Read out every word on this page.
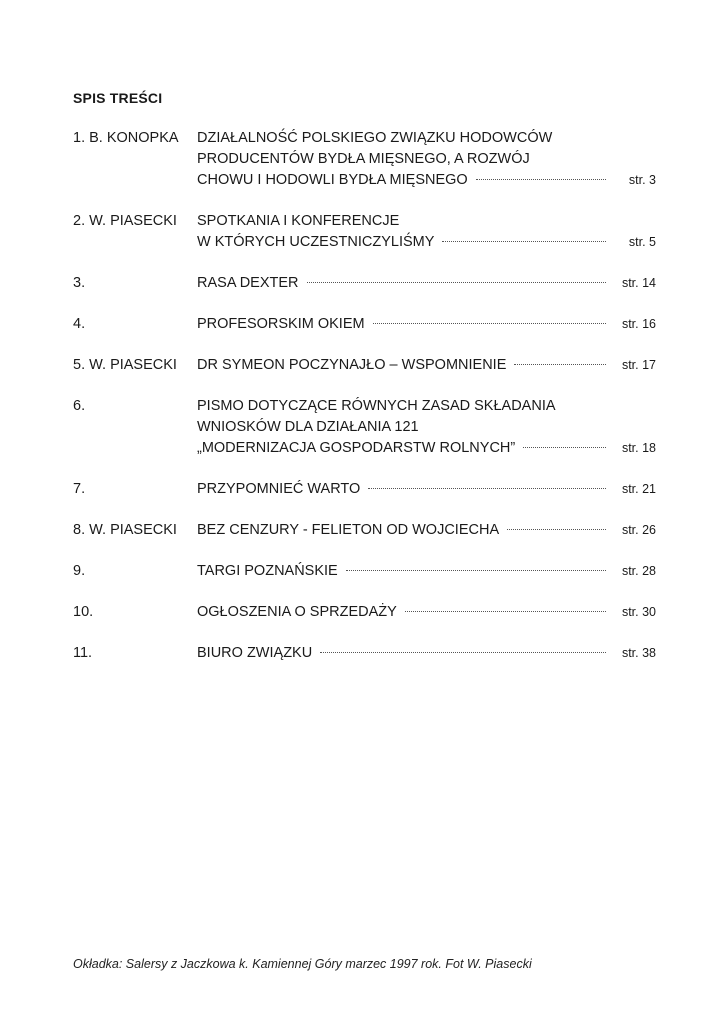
SPIS TREŚCI
1. B. KONOPKA	DZIAŁALNOŚĆ POLSKIEGO ZWIĄZKU HODOWCÓW
PRODUCENTÓW BYDŁA MIĘSNEGO, A ROZWÓJ
CHOWU I HODOWLI BYDŁA MIĘSNEGO	str. 3
2. W. PIASECKI	SPOTKANIA I KONFERENCJE
W KTÓRYCH UCZESTNICZYLIŚMY	str. 5
3.	RASA DEXTER	str. 14
4.	PROFESORSKIM OKIEM	str. 16
5. W. PIASECKI	DR SYMEON POCZYNAJŁO – WSPOMNIENIE	str. 17
6.	PISMO DOTYCZĄCE RÓWNYCH ZASAD SKŁADANIA
WNIOSKÓW DLA DZIAŁANIA 121
„MODERNIZACJA GOSPODARSTW ROLNYCH”	str. 18
7.	PRZYPOMNIEĆ WARTO	str. 21
8. W. PIASECKI	BEZ CENZURY - FELIETON OD WOJCIECHA	str. 26
9.	TARGI POZNAŃSKIE	str. 28
10.	OGŁOSZENIA O SPRZEDAŻY	str. 30
11.	BIURO ZWIĄZKU	str. 38
Okładka: Salersy z Jaczkowa k. Kamiennej Góry marzec 1997 rok. Fot W. Piasecki
